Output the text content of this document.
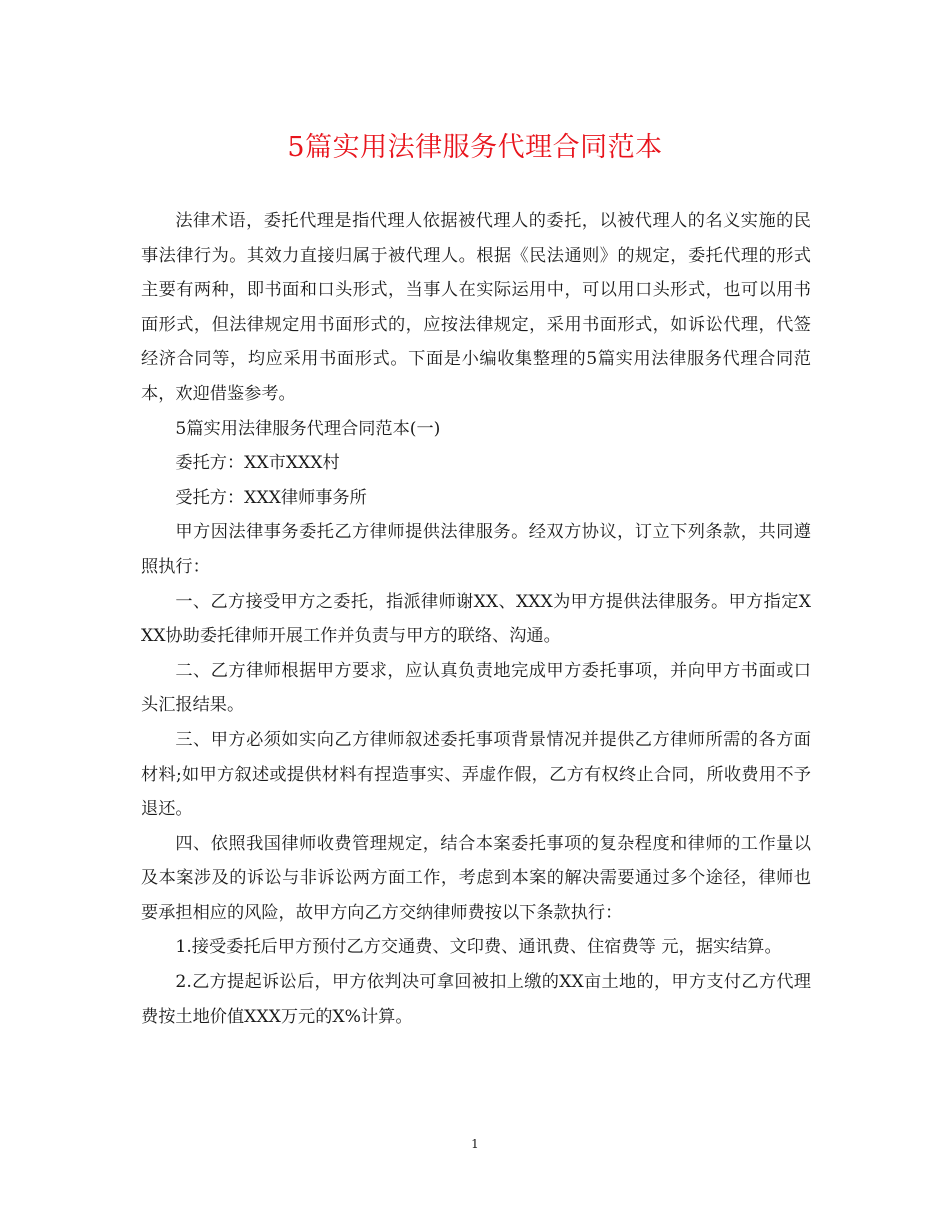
5篇实用法律服务代理合同范本

法律术语，委托代理是指代理人依据被代理人的委托，以被代理人的名义实施的民事法律行为。其效力直接归属于被代理人。根据《民法通则》的规定，委托代理的形式主要有两种，即书面和口头形式，当事人在实际运用中，可以用口头形式，也可以用书面形式，但法律规定用书面形式的，应按法律规定，采用书面形式，如诉讼代理，代签经济合同等，均应采用书面形式。下面是小编收集整理的5篇实用法律服务代理合同范本，欢迎借鉴参考。

5篇实用法律服务代理合同范本(一)

委托方：XX市XXX村

受托方：XXX律师事务所

甲方因法律事务委托乙方律师提供法律服务。经双方协议，订立下列条款，共同遵照执行：

一、乙方接受甲方之委托，指派律师谢XX、XXX为甲方提供法律服务。甲方指定XXX协助委托律师开展工作并负责与甲方的联络、沟通。

二、乙方律师根据甲方要求，应认真负责地完成甲方委托事项，并向甲方书面或口头汇报结果。

三、甲方必须如实向乙方律师叙述委托事项背景情况并提供乙方律师所需的各方面材料;如甲方叙述或提供材料有捏造事实、弄虚作假，乙方有权终止合同，所收费用不予退还。

四、依照我国律师收费管理规定，结合本案委托事项的复杂程度和律师的工作量以及本案涉及的诉讼与非诉讼两方面工作，考虑到本案的解决需要通过多个途径，律师也要承担相应的风险，故甲方向乙方交纳律师费按以下条款执行：

1.接受委托后甲方预付乙方交通费、文印费、通讯费、住宿费等 元，据实结算。

2.乙方提起诉讼后，甲方依判决可拿回被扣上缴的XX亩土地的，甲方支付乙方代理费按土地价值XXX万元的X%计算。

1
